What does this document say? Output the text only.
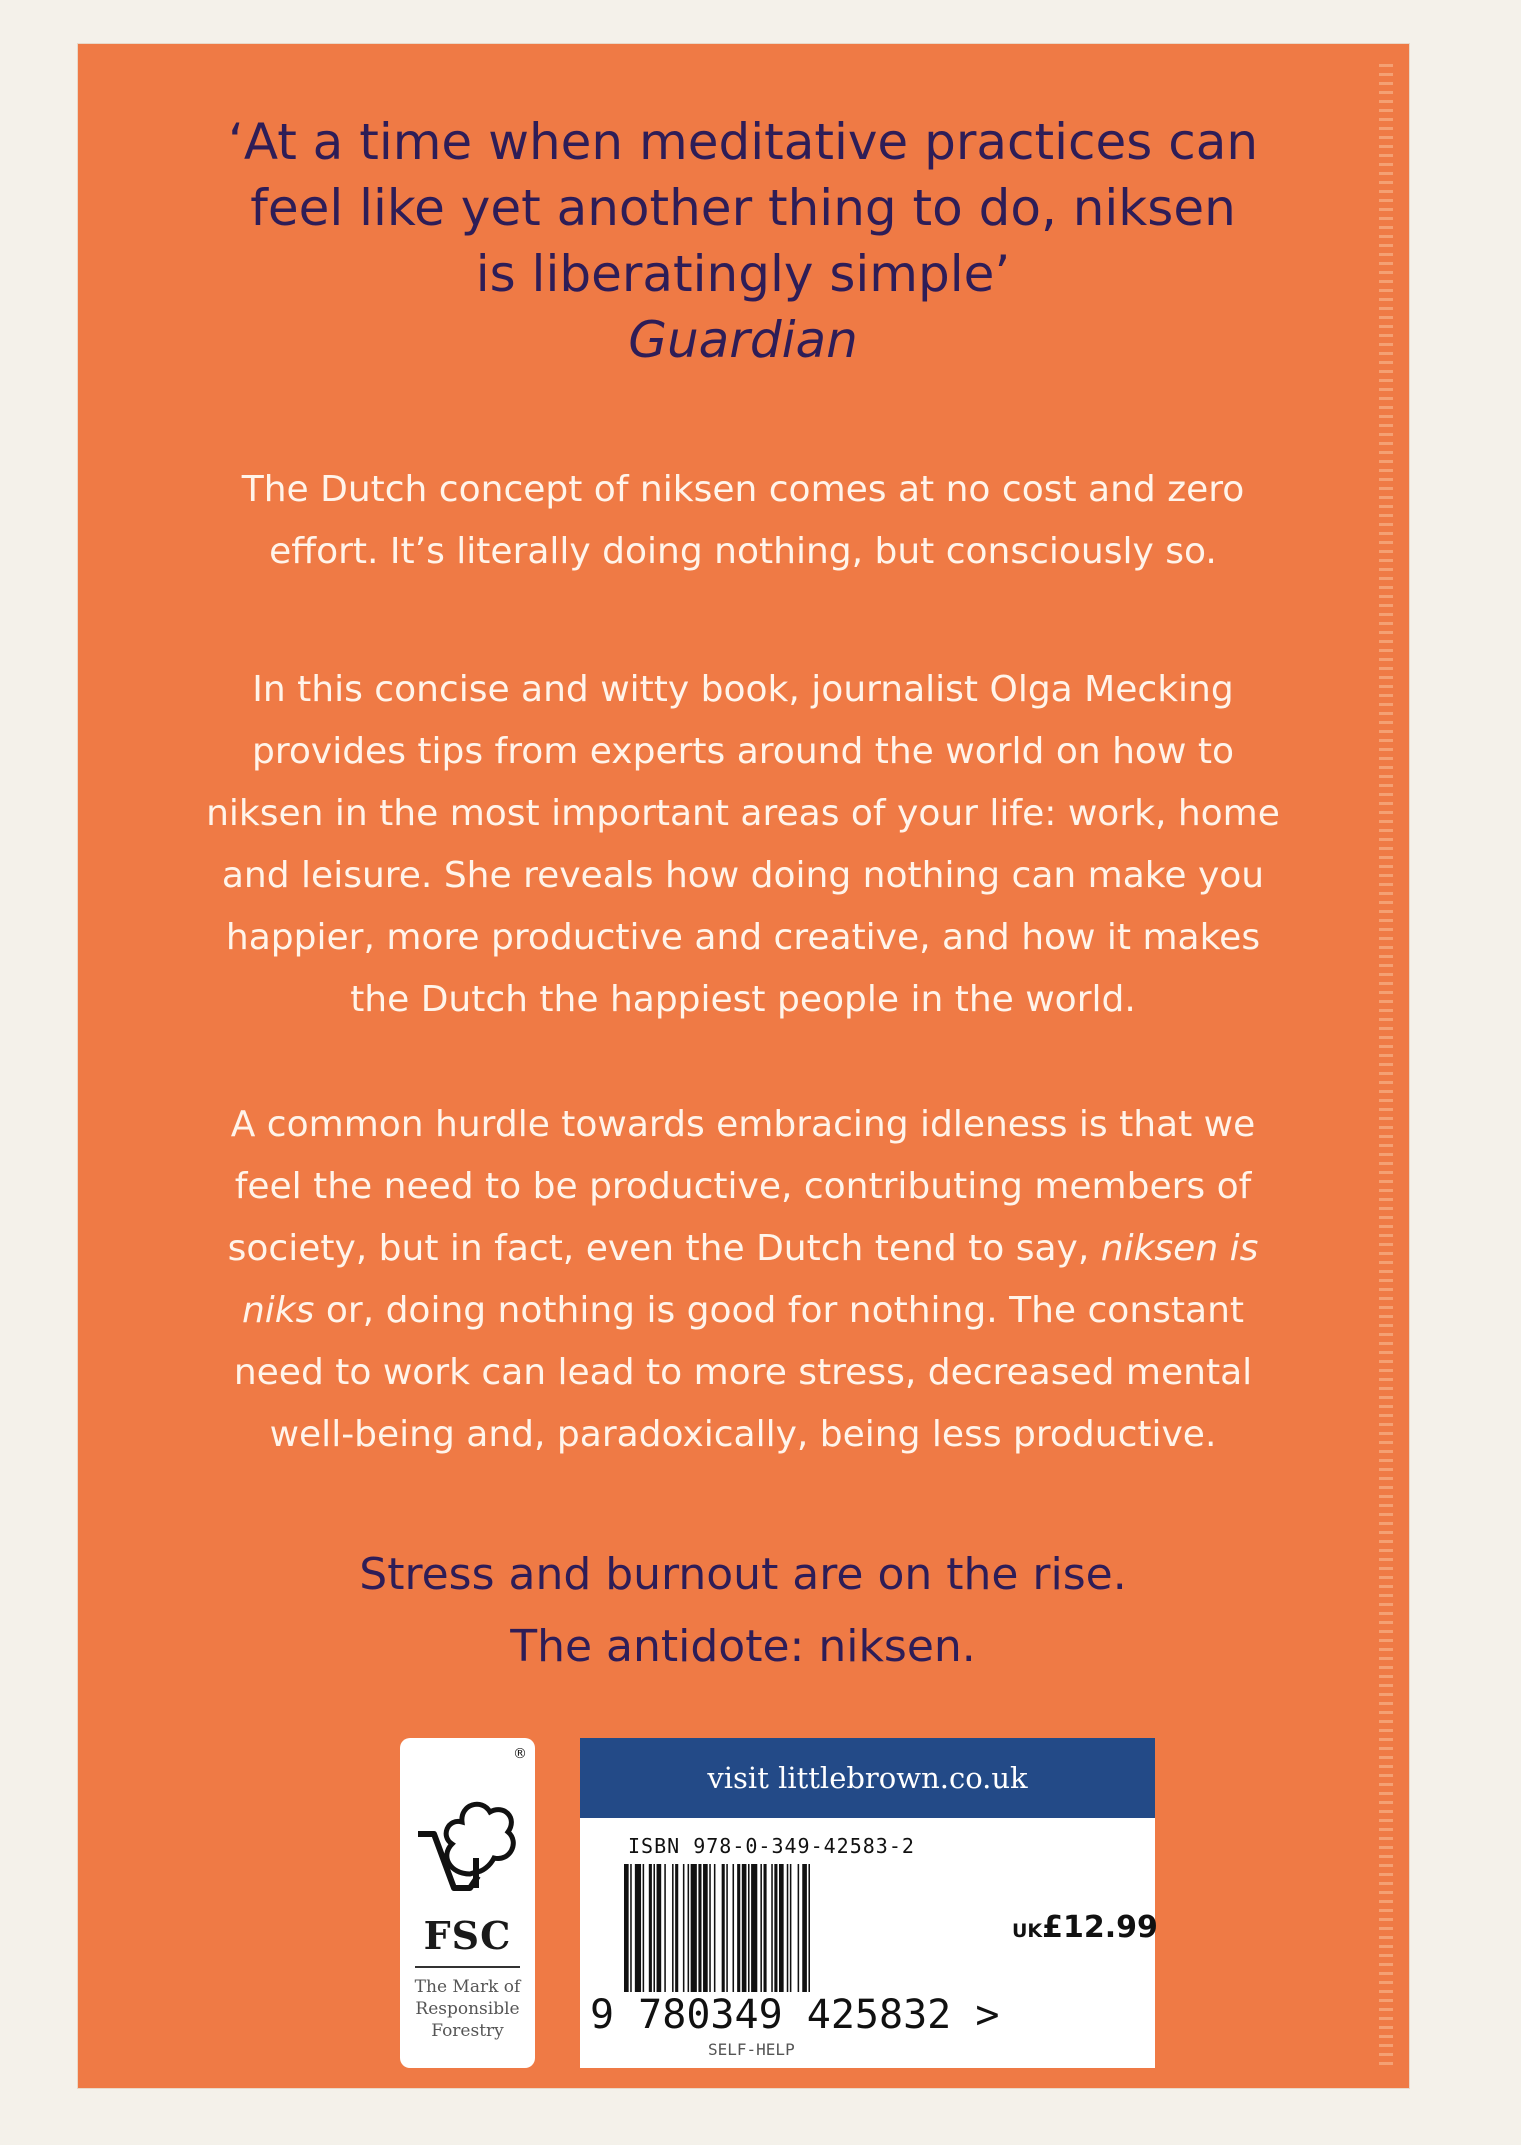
‘At a time when meditative practices can
feel like yet another thing to do, niksen
is liberatingly simple’
Guardian
The Dutch concept of niksen comes at no cost and zero effort. It’s literally doing nothing, but consciously so.
In this concise and witty book, journalist Olga Mecking provides tips from experts around the world on how to niksen in the most important areas of your life: work, home and leisure. She reveals how doing nothing can make you happier, more productive and creative, and how it makes the Dutch the happiest people in the world.
A common hurdle towards embracing idleness is that we feel the need to be productive, contributing members of society, but in fact, even the Dutch tend to say, niksen is niks or, doing nothing is good for nothing. The constant need to work can lead to more stress, decreased mental well-being and, paradoxically, being less productive.
Stress and burnout are on the rise.
The antidote: niksen.
®
FSC
The Mark of Responsible Forestry
visit littlebrown.co.uk
ISBN 978-0-349-42583-2
9 780349 425832 >
UK£12.99
SELF-HELP
